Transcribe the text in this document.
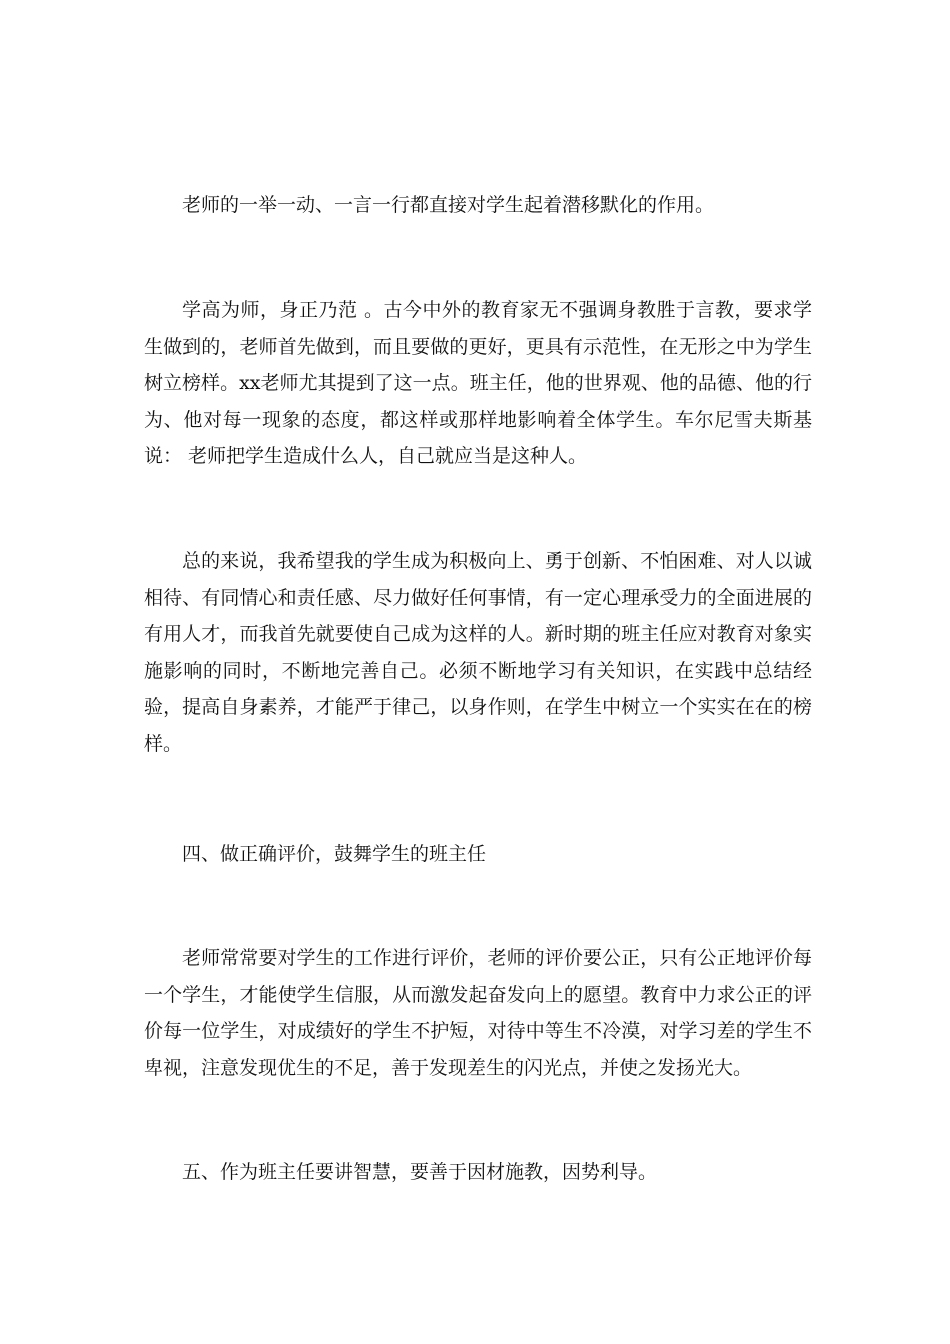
老师的一举一动、一言一行都直接对学生起着潜移默化的作用。

学高为师，身正乃范 。古今中外的教育家无不强调身教胜于言教，要求学生做到的，老师首先做到，而且要做的更好，更具有示范性，在无形之中为学生树立榜样。xx老师尤其提到了这一点。班主任，他的世界观、他的品德、他的行为、他对每一现象的态度，都这样或那样地影响着全体学生。车尔尼雪夫斯基说： 老师把学生造成什么人，自己就应当是这种人。

总的来说，我希望我的学生成为积极向上、勇于创新、不怕困难、对人以诚相待、有同情心和责任感、尽力做好任何事情，有一定心理承受力的全面进展的有用人才，而我首先就要使自己成为这样的人。新时期的班主任应对教育对象实施影响的同时，不断地完善自己。必须不断地学习有关知识，在实践中总结经验，提高自身素养，才能严于律己，以身作则，在学生中树立一个实实在在的榜样。

四、做正确评价，鼓舞学生的班主任

老师常常要对学生的工作进行评价，老师的评价要公正，只有公正地评价每一个学生，才能使学生信服，从而激发起奋发向上的愿望。教育中力求公正的评价每一位学生，对成绩好的学生不护短，对待中等生不冷漠，对学习差的学生不卑视，注意发现优生的不足，善于发现差生的闪光点，并使之发扬光大。

五、作为班主任要讲智慧，要善于因材施教，因势利导。
